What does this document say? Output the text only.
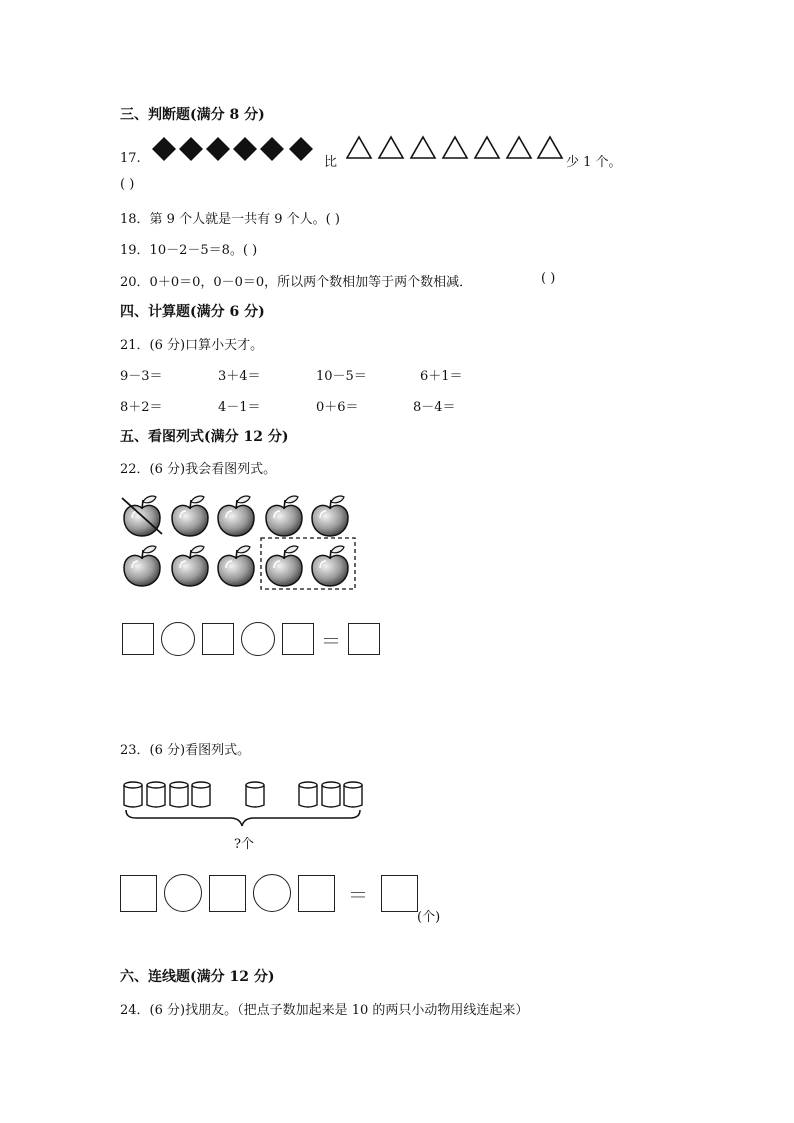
三、判断题(满分 8 分)
17.	比	少 1 个。
( )
18．第 9 个人就是一共有 9 个人。( )
19．10－2－5＝8。( )
20．0＋0＝0，0－0＝0，所以两个数相加等于两个数相减．	( )
四、计算题(满分 6 分)
21．(6 分)口算小天才。
9－3＝	3＋4＝	10－5＝	6＋1＝
8＋2＝	4－1＝	0＋6＝	8－4＝
五、看图列式(满分 12 分)
22．(6 分)我会看图列式。
＝
23．(6 分)看图列式。
?个
＝
(个)
六、连线题(满分 12 分)
24．(6 分)找朋友。（把点子数加起来是 10 的两只小动物用线连起来）
